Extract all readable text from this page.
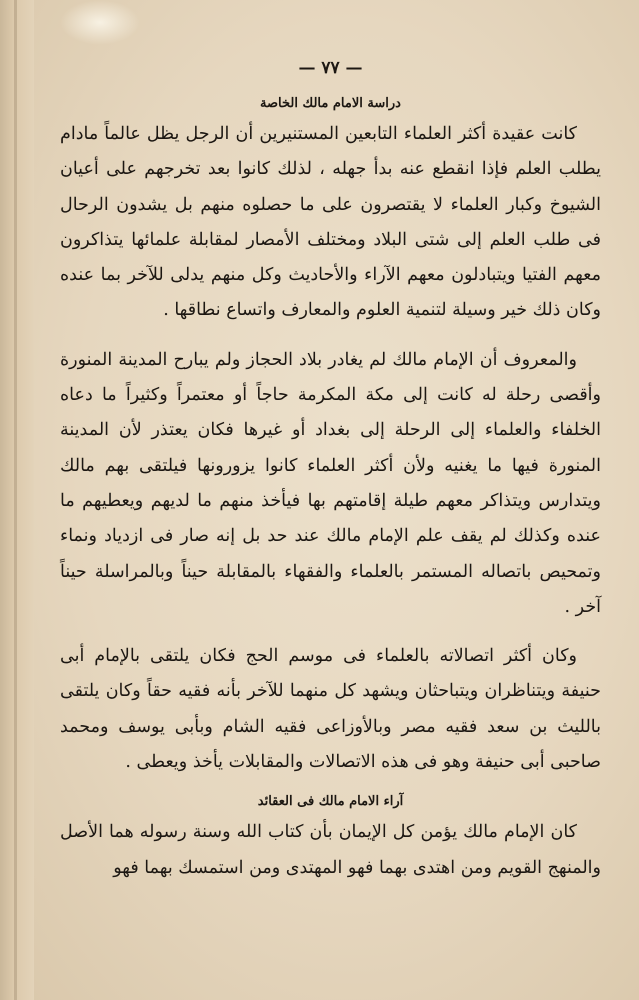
— ٧٧ —
دراسة الامام مالك الخاصة

كانت عقيدة أكثر العلماء التابعين المستنيرين أن الرجل يظل عالماً مادام يطلب العلم فإذا انقطع عنه بدأ جهله ، لذلك كانوا بعد تخرجهم على أعيان الشيوخ وكبار العلماء لا يقتصرون على ما حصلوه منهم بل يشدون الرحال فى طلب العلم إلى شتى البلاد ومختلف الأمصار لمقابلة علمائها يتذاكرون معهم الفتيا ويتبادلون معهم الآراء والأحاديث وكل منهم يدلى للآخر بما عنده وكان ذلك خير وسيلة لتنمية العلوم والمعارف واتساع نطاقها .

والمعروف أن الإمام مالك لم يغادر بلاد الحجاز ولم يبارح المدينة المنورة وأقصى رحلة له كانت إلى مكة المكرمة حاجاً أو معتمراً وكثيراً ما دعاه الخلفاء والعلماء إلى الرحلة إلى بغداد أو غيرها فكان يعتذر لأن المدينة المنورة فيها ما يغنيه ولأن أكثر العلماء كانوا يزورونها فيلتقى بهم مالك ويتدارس ويتذاكر معهم طيلة إقامتهم بها فيأخذ منهم ما لديهم ويعطيهم ما عنده وكذلك لم يقف علم الإمام مالك عند حد بل إنه صار فى ازدياد ونماء وتمحيص باتصاله المستمر بالعلماء والفقهاء بالمقابلة حيناً وبالمراسلة حيناً آخر .

وكان أكثر اتصالاته بالعلماء فى موسم الحج فكان يلتقى بالإمام أبى حنيفة ويتناظران ويتباحثان ويشهد كل منهما للآخر بأنه فقيه حقاً وكان يلتقى بالليث بن سعد فقيه مصر وبالأوزاعى فقيه الشام وبأبى يوسف ومحمد صاحبى أبى حنيفة وهو فى هذه الاتصالات والمقابلات يأخذ ويعطى .

آراء الامام مالك فى العقائد

كان الإمام مالك يؤمن كل الإيمان بأن كتاب الله وسنة رسوله هما الأصل والمنهج القويم ومن اهتدى بهما فهو المهتدى ومن استمسك بهما فهو
